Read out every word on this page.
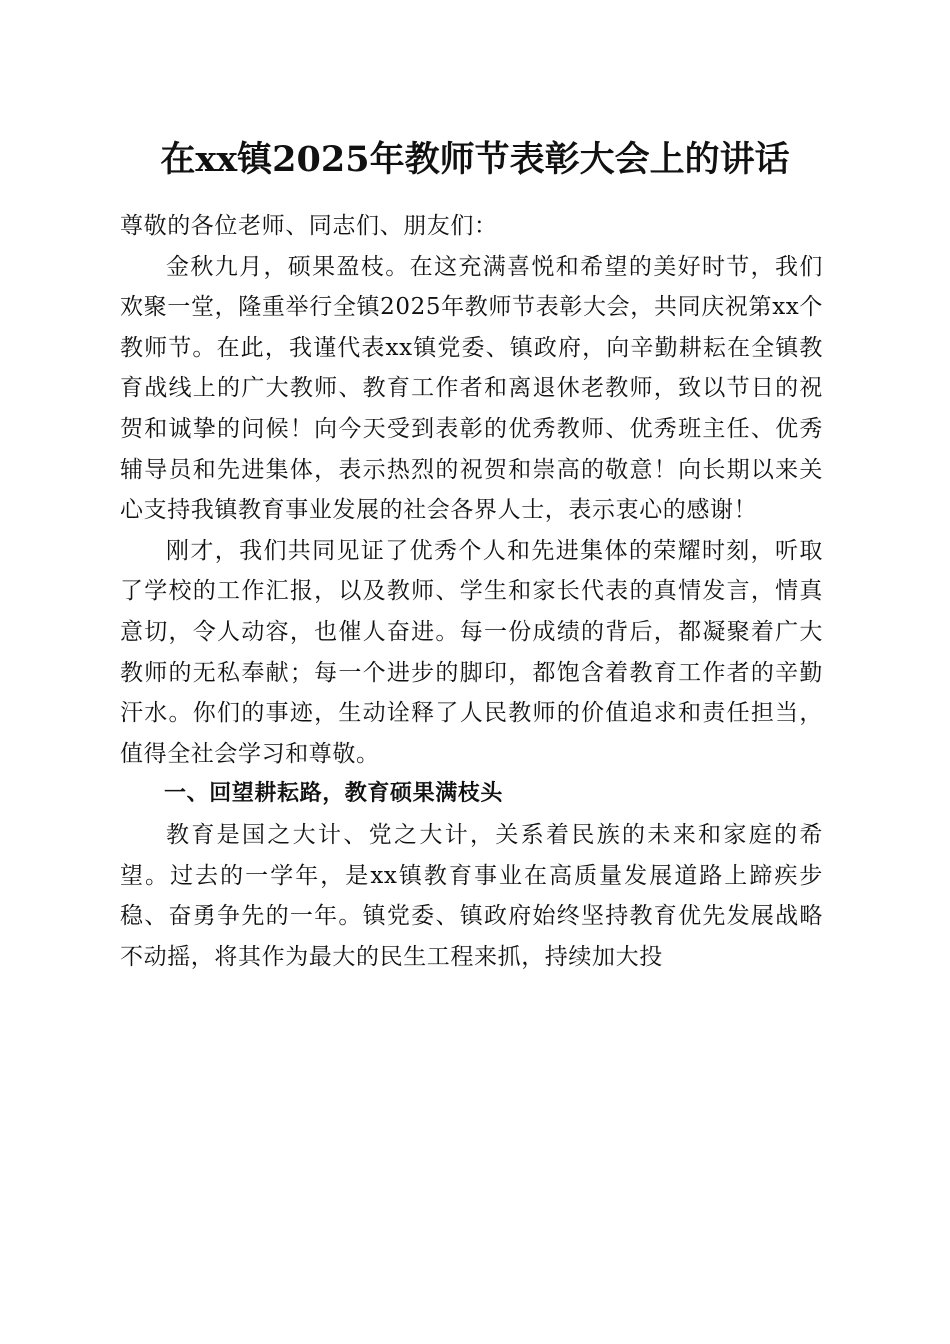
在xx镇2025年教师节表彰大会上的讲话

尊敬的各位老师、同志们、朋友们：

金秋九月，硕果盈枝。在这充满喜悦和希望的美好时节，我们欢聚一堂，隆重举行全镇2025年教师节表彰大会，共同庆祝第xx个教师节。在此，我谨代表xx镇党委、镇政府，向辛勤耕耘在全镇教育战线上的广大教师、教育工作者和离退休老教师，致以节日的祝贺和诚挚的问候！向今天受到表彰的优秀教师、优秀班主任、优秀辅导员和先进集体，表示热烈的祝贺和崇高的敬意！向长期以来关心支持我镇教育事业发展的社会各界人士，表示衷心的感谢！

刚才，我们共同见证了优秀个人和先进集体的荣耀时刻，听取了学校的工作汇报，以及教师、学生和家长代表的真情发言，情真意切，令人动容，也催人奋进。每一份成绩的背后，都凝聚着广大教师的无私奉献；每一个进步的脚印，都饱含着教育工作者的辛勤汗水。你们的事迹，生动诠释了人民教师的价值追求和责任担当，值得全社会学习和尊敬。

一、回望耕耘路，教育硕果满枝头

教育是国之大计、党之大计，关系着民族的未来和家庭的希望。过去的一学年，是xx镇教育事业在高质量发展道路上蹄疾步稳、奋勇争先的一年。镇党委、镇政府始终坚持教育优先发展战略不动摇，将其作为最大的民生工程来抓，持续加大投
